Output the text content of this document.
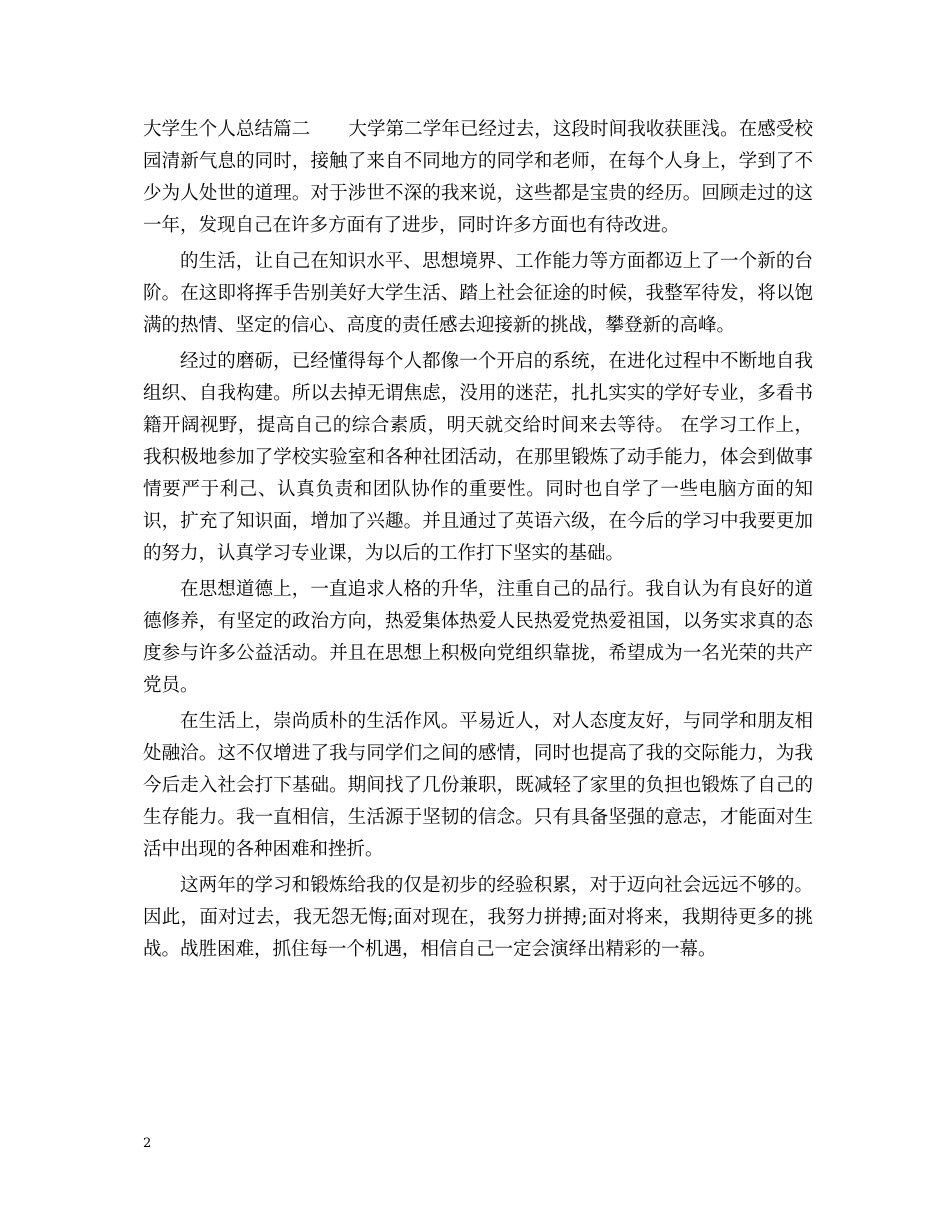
大学生个人总结篇二 大学第二学年已经过去，这段时间我收获匪浅。在感受校园清新气息的同时，接触了来自不同地方的同学和老师，在每个人身上，学到了不少为人处世的道理。对于涉世不深的我来说，这些都是宝贵的经历。回顾走过的这一年，发现自己在许多方面有了进步，同时许多方面也有待改进。

的生活，让自己在知识水平、思想境界、工作能力等方面都迈上了一个新的台阶。在这即将挥手告别美好大学生活、踏上社会征途的时候，我整军待发，将以饱满的热情、坚定的信心、高度的责任感去迎接新的挑战，攀登新的高峰。

经过的磨砺，已经懂得每个人都像一个开启的系统，在进化过程中不断地自我组织、自我构建。所以去掉无谓焦虑，没用的迷茫，扎扎实实的学好专业，多看书籍开阔视野，提高自己的综合素质，明天就交给时间来去等待。 在学习工作上，我积极地参加了学校实验室和各种社团活动，在那里锻炼了动手能力，体会到做事情要严于利己、认真负责和团队协作的重要性。同时也自学了一些电脑方面的知识，扩充了知识面，增加了兴趣。并且通过了英语六级，在今后的学习中我要更加的努力，认真学习专业课，为以后的工作打下坚实的基础。

在思想道德上，一直追求人格的升华，注重自己的品行。我自认为有良好的道德修养，有坚定的政治方向，热爱集体热爱人民热爱党热爱祖国，以务实求真的态度参与许多公益活动。并且在思想上积极向党组织靠拢，希望成为一名光荣的共产党员。

在生活上，崇尚质朴的生活作风。平易近人，对人态度友好，与同学和朋友相处融洽。这不仅增进了我与同学们之间的感情，同时也提高了我的交际能力，为我今后走入社会打下基础。期间找了几份兼职，既减轻了家里的负担也锻炼了自己的生存能力。我一直相信，生活源于坚韧的信念。只有具备坚强的意志，才能面对生活中出现的各种困难和挫折。

这两年的学习和锻炼给我的仅是初步的经验积累，对于迈向社会远远不够的。因此，面对过去，我无怨无悔;面对现在，我努力拼搏;面对将来，我期待更多的挑战。战胜困难，抓住每一个机遇，相信自己一定会演绎出精彩的一幕。

2
